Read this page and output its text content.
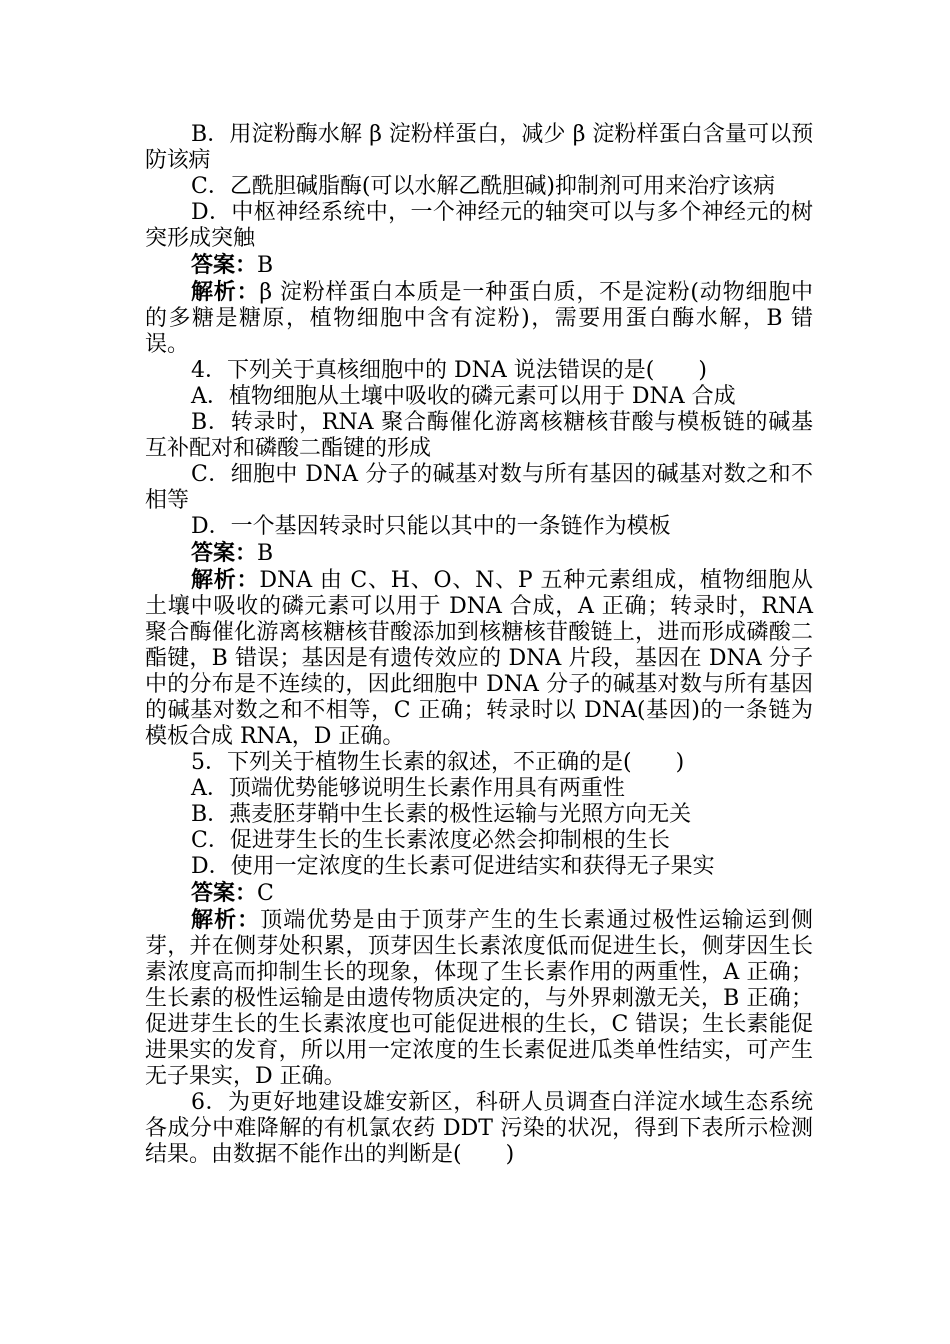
B．用淀粉酶水解 β 淀粉样蛋白，减少 β 淀粉样蛋白含量可以预防该病

C．乙酰胆碱脂酶(可以水解乙酰胆碱)抑制剂可用来治疗该病

D．中枢神经系统中，一个神经元的轴突可以与多个神经元的树突形成突触

答案：B

解析：β 淀粉样蛋白本质是一种蛋白质，不是淀粉(动物细胞中的多糖是糖原，植物细胞中含有淀粉)，需要用蛋白酶水解，B 错误。

4．下列关于真核细胞中的 DNA 说法错误的是(　　)

A．植物细胞从土壤中吸收的磷元素可以用于 DNA 合成

B．转录时，RNA 聚合酶催化游离核糖核苷酸与模板链的碱基互补配对和磷酸二酯键的形成

C．细胞中 DNA 分子的碱基对数与所有基因的碱基对数之和不相等

D．一个基因转录时只能以其中的一条链作为模板

答案：B

解析：DNA 由 C、H、O、N、P 五种元素组成，植物细胞从土壤中吸收的磷元素可以用于 DNA 合成，A 正确；转录时，RNA 聚合酶催化游离核糖核苷酸添加到核糖核苷酸链上，进而形成磷酸二酯键，B 错误；基因是有遗传效应的 DNA 片段，基因在 DNA 分子中的分布是不连续的，因此细胞中 DNA 分子的碱基对数与所有基因的碱基对数之和不相等，C 正确；转录时以 DNA(基因)的一条链为模板合成 RNA，D 正确。

5．下列关于植物生长素的叙述，不正确的是(　　)

A．顶端优势能够说明生长素作用具有两重性

B．燕麦胚芽鞘中生长素的极性运输与光照方向无关

C．促进芽生长的生长素浓度必然会抑制根的生长

D．使用一定浓度的生长素可促进结实和获得无子果实

答案：C

解析：顶端优势是由于顶芽产生的生长素通过极性运输运到侧芽，并在侧芽处积累，顶芽因生长素浓度低而促进生长，侧芽因生长素浓度高而抑制生长的现象，体现了生长素作用的两重性，A 正确；生长素的极性运输是由遗传物质决定的，与外界刺激无关，B 正确；促进芽生长的生长素浓度也可能促进根的生长，C 错误；生长素能促进果实的发育，所以用一定浓度的生长素促进瓜类单性结实，可产生无子果实，D 正确。

6．为更好地建设雄安新区，科研人员调查白洋淀水域生态系统各成分中难降解的有机氯农药 DDT 污染的状况，得到下表所示检测结果。由数据不能作出的判断是(　　)
